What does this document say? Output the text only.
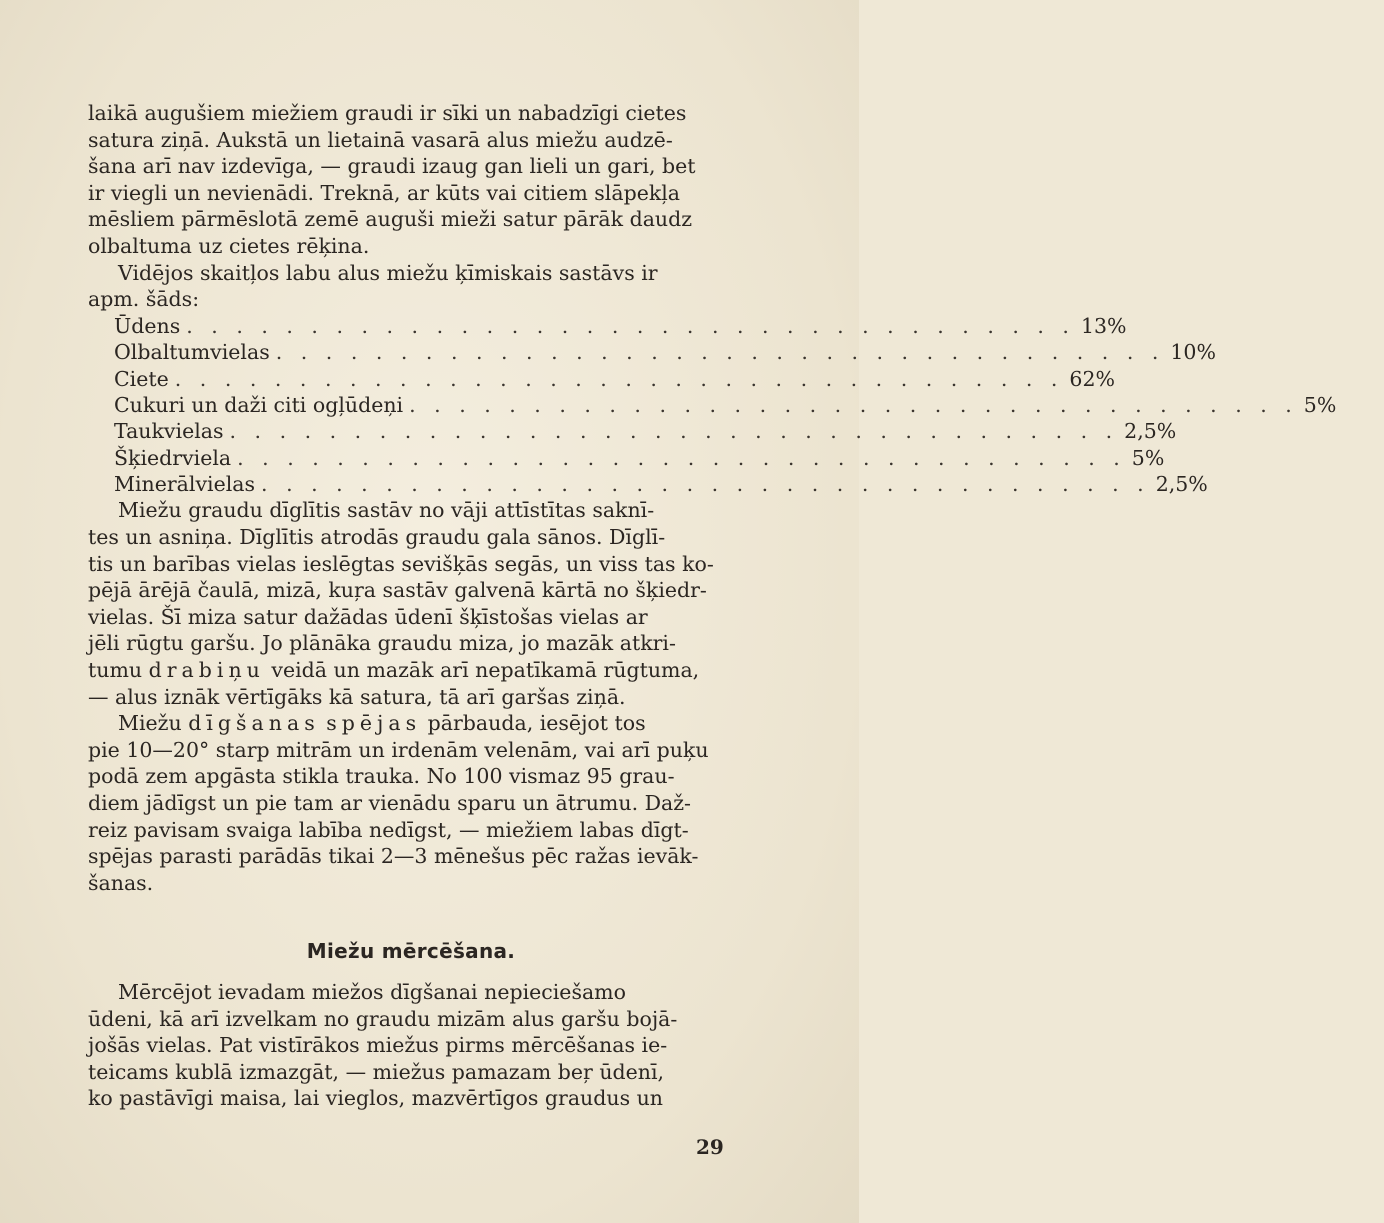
laikā augušiem miežiem graudi ir sīki un nabadzīgi cietes
satura ziņā. Aukstā un lietainā vasarā alus miežu audzē-
šana arī nav izdevīga, — graudi izaug gan lieli un gari, bet
ir viegli un nevienādi. Treknā, ar kūts vai citiem slāpekļa
mēsliem pārmēslotā zemē auguši mieži satur pārāk daudz
olbaltuma uz cietes rēķina.

Vidējos skaitļos labu alus miežu ķīmiskais sastāvs ir
apm. šāds:

Ūdens . . . . . . . . . . . . . . . . . . . . . . . . . . . . . . . . . . . . 13%
Olbaltumvielas . . . . . . . . . . . . . . . . . . . . . . . . . . . . . . . . . . . . 10%
Ciete . . . . . . . . . . . . . . . . . . . . . . . . . . . . . . . . . . . . 62%
Cukuri un daži citi ogļūdeņi . . . . . . . . . . . . . . . . . . . . . . . . . . . . . . . . . . . . 5%
Taukvielas . . . . . . . . . . . . . . . . . . . . . . . . . . . . . . . . . . . . 2,5%
Šķiedrviela . . . . . . . . . . . . . . . . . . . . . . . . . . . . . . . . . . . . 5%
Minerālvielas . . . . . . . . . . . . . . . . . . . . . . . . . . . . . . . . . . . . 2,5%

Miežu graudu dīglītis sastāv no vāji attīstītas saknī-
tes un asniņa. Dīglītis atrodās graudu gala sānos. Dīglī-
tis un barības vielas ieslēgtas sevišķās segās, un viss tas ko-
pējā ārējā čaulā, mizā, kuŗa sastāv galvenā kārtā no šķiedr-
vielas. Šī miza satur dažādas ūdenī šķīstošas vielas ar
jēli rūgtu garšu. Jo plānāka graudu miza, jo mazāk atkri-
tumu drabiņu veidā un mazāk arī nepatīkamā rūgtuma,
— alus iznāk vērtīgāks kā satura, tā arī garšas ziņā.

Miežu dīgšanas spējas pārbauda, iesējot tos
pie 10—20° starp mitrām un irdenām velenām, vai arī puķu
podā zem apgāsta stikla trauka. No 100 vismaz 95 grau-
diem jādīgst un pie tam ar vienādu sparu un ātrumu. Daž-
reiz pavisam svaiga labība nedīgst, — miežiem labas dīgt-
spējas parasti parādās tikai 2—3 mēnešus pēc ražas ievāk-
šanas.

Miežu mērcēšana.

Mērcējot ievadam miežos dīgšanai nepieciešamo
ūdeni, kā arī izvelkam no graudu mizām alus garšu bojā-
jošās vielas. Pat vistīrākos miežus pirms mērcēšanas ie-
teicams kublā izmazgāt, — miežus pamazam beŗ ūdenī,
ko pastāvīgi maisa, lai vieglos, mazvērtīgos graudus un

29
